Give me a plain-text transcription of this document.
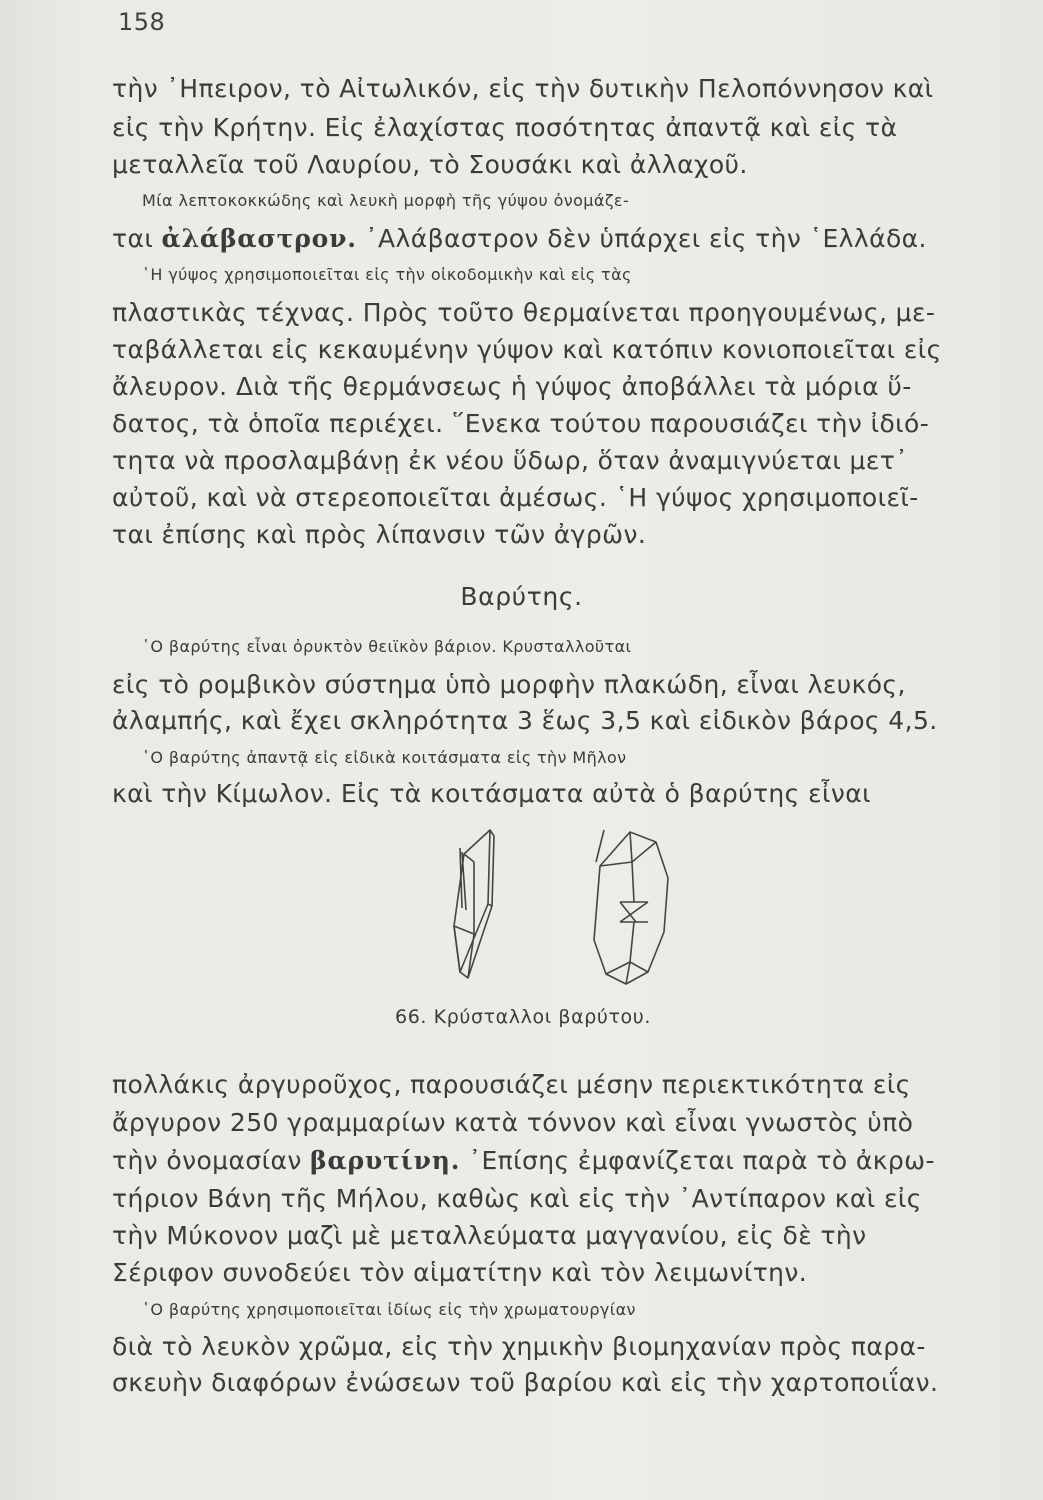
158
τὴν ᾿Ηπειρον, τὸ Αἰτωλικόν, εἰς τὴν δυτικὴν Πελοπόννησον καὶ
εἰς τὴν Κρήτην. Εἰς ἐλαχίστας ποσότητας ἀπαντᾷ καὶ εἰς τὰ
μεταλλεῖα τοῦ Λαυρίου, τὸ Σουσάκι καὶ ἀλλαχοῦ.
Μία λεπτοκοκκώδης καὶ λευκὴ μορφὴ τῆς γύψου ὀνομάζε-
ται ἀλάβαστρον. ᾿Αλάβαστρον δὲν ὑπάρχει εἰς τὴν ῾Ελλάδα.
῾Η γύψος χρησιμοποιεῖται εἰς τὴν οἰκοδομικὴν καὶ εἰς τὰς
πλαστικὰς τέχνας. Πρὸς τοῦτο θερμαίνεται προηγουμένως, με-
ταβάλλεται εἰς κεκαυμένην γύψον καὶ κατόπιν κονιοποιεῖται εἰς
ἄλευρον. Διὰ τῆς θερμάνσεως ἡ γύψος ἀποβάλλει τὰ μόρια ὕ-
δατος, τὰ ὁποῖα περιέχει. ῞Ενεκα τούτου παρουσιάζει τὴν ἰδιό-
τητα νὰ προσλαμβάνῃ ἐκ νέου ὕδωρ, ὅταν ἀναμιγνύεται μετ᾿
αὐτοῦ, καὶ νὰ στερεοποιεῖται ἀμέσως. ῾Η γύψος χρησιμοποιεῖ-
ται ἐπίσης καὶ πρὸς λίπανσιν τῶν ἀγρῶν.
Βαρύτης.
῾Ο βαρύτης εἶναι ὀρυκτὸν θειϊκὸν βάριον. Κρυσταλλοῦται
εἰς τὸ ρομβικὸν σύστημα ὑπὸ μορφὴν πλακώδη, εἶναι λευκός,
ἀλαμπής, καὶ ἔχει σκληρότητα 3 ἕως 3,5 καὶ εἰδικὸν βάρος 4,5.
῾Ο βαρύτης ἀπαντᾷ εἰς εἰδικὰ κοιτάσματα εἰς τὴν Μῆλον
καὶ τὴν Κίμωλον. Εἰς τὰ κοιτάσματα αὐτὰ ὁ βαρύτης εἶναι
66. Κρύσταλλοι βαρύτου.
πολλάκις ἀργυροῦχος, παρουσιάζει μέσην περιεκτικότητα εἰς
ἄργυρον 250 γραμμαρίων κατὰ τόννον καὶ εἶναι γνωστὸς ὑπὸ
τὴν ὀνομασίαν βαρυτίνη. ᾿Επίσης ἐμφανίζεται παρὰ τὸ ἀκρω-
τήριον Βάνη τῆς Μήλου, καθὼς καὶ εἰς τὴν ᾿Αντίπαρον καὶ εἰς
τὴν Μύκονον μαζὶ μὲ μεταλλεύματα μαγγανίου, εἰς δὲ τὴν
Σέριφον συνοδεύει τὸν αἱματίτην καὶ τὸν λειμωνίτην.
῾Ο βαρύτης χρησιμοποιεῖται ἰδίως εἰς τὴν χρωματουργίαν
διὰ τὸ λευκὸν χρῶμα, εἰς τὴν χημικὴν βιομηχανίαν πρὸς παρα-
σκευὴν διαφόρων ἐνώσεων τοῦ βαρίου καὶ εἰς τὴν χαρτοποιΐαν.
